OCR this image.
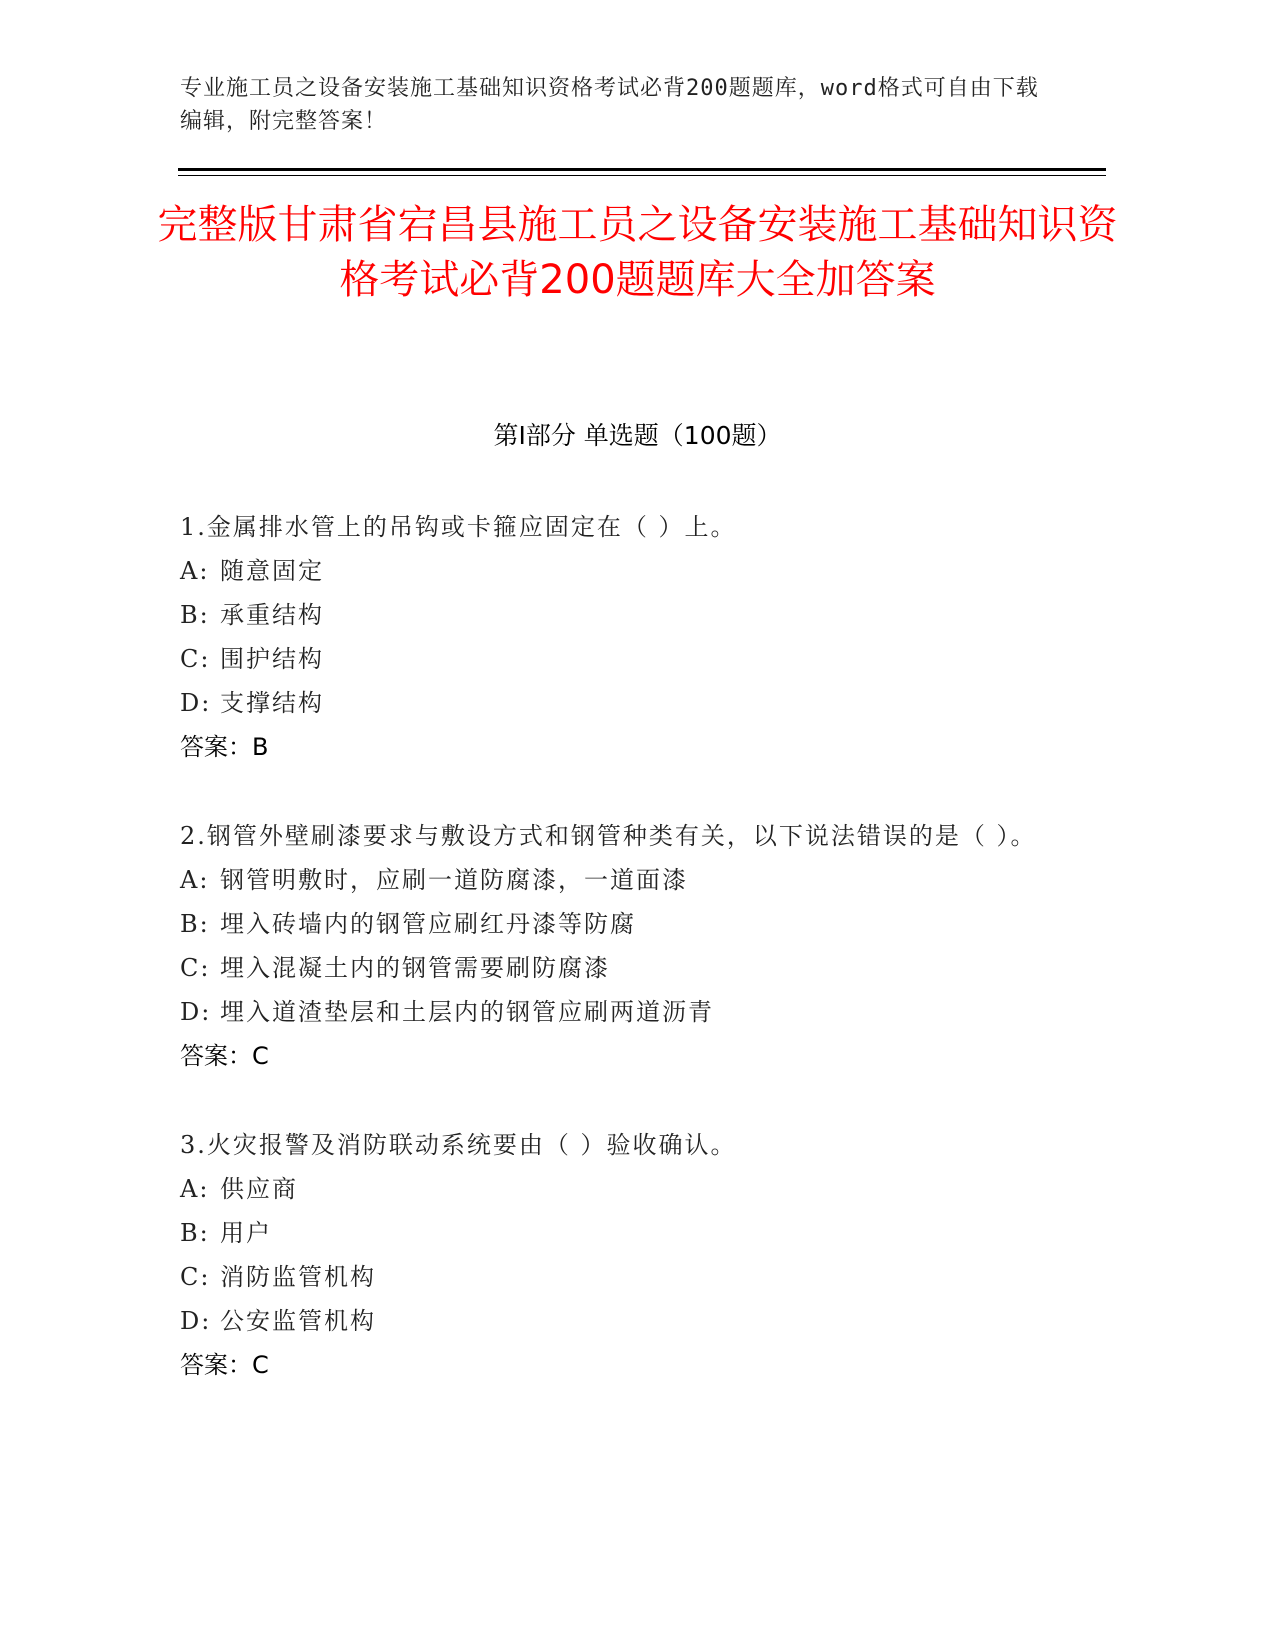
专业施工员之设备安装施工基础知识资格考试必背200题题库，word格式可自由下载编辑，附完整答案！
完整版甘肃省宕昌县施工员之设备安装施工基础知识资格考试必背200题题库大全加答案
第Ⅰ部分 单选题（100题）
1.金属排水管上的吊钩或卡箍应固定在（ ）上。
A: 随意固定
B: 承重结构
C: 围护结构
D: 支撑结构
答案：B
2.钢管外壁刷漆要求与敷设方式和钢管种类有关，以下说法错误的是（ ）。
A: 钢管明敷时，应刷一道防腐漆，一道面漆
B: 埋入砖墙内的钢管应刷红丹漆等防腐
C: 埋入混凝土内的钢管需要刷防腐漆
D: 埋入道渣垫层和土层内的钢管应刷两道沥青
答案：C
3.火灾报警及消防联动系统要由（ ）验收确认。
A: 供应商
B: 用户
C: 消防监管机构
D: 公安监管机构
答案：C
